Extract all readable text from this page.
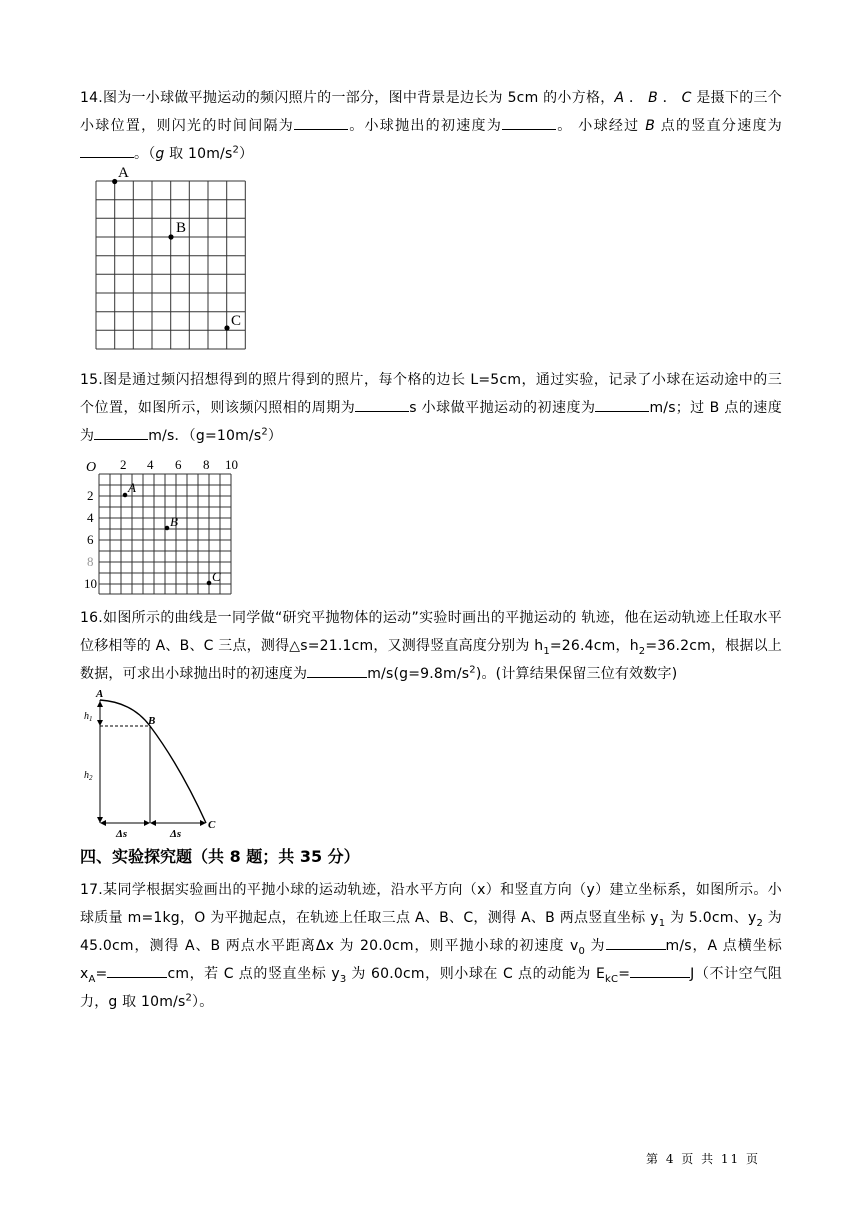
14.图为一小球做平抛运动的频闪照片的一部分，图中背景是边长为 5cm 的小方格，A ． B ． C 是摄下的三个小球位置，则闪光的时间间隔为	。小球抛出的初速度为	。 小球经过 B 点的竖直分速度为。（g 取 $10m/s^2$）

A
B
C

15.图是通过频闪招想得到的照片得到的照片，每个格的边长 L=5cm，通过实验，记录了小球在运动途中的三个位置，如图所示，则该频闪照相的周期为	s 小球做平抛运动的初速度为	m/s；过 B 点的速度为	m/s．$(g=10m/s^2)$

O 2 4 6 8 10
2
4
6
8
10
A
B
C

16.如图所示的曲线是一同学做“研究平抛物体的运动”实验时画出的平抛运动的 轨迹，他在运动轨迹上任取水平位移相等的 A、B、C 三点，测得△s=21.1cm，又测得竖直高度分别为 $h_1=26.4cm$，$h_2=36.2cm$，根据以上数据，可求出小球抛出时的初速度为	$m/s(g=9.8m/s^2)$。(计算结果保留三位有效数字)

A
B
C
$h_1$
$h_2$
Δs	Δs

四、实验探究题（共 8 题；共 35 分）

17.某同学根据实验画出的平抛小球的运动轨迹，沿水平方向（x）和竖直方向（y）建立坐标系，如图所示。小球质量 m=1kg，O 为平抛起点，在轨迹上任取三点 A、B、C，测得 A、B 两点竖直坐标 $y_1$ 为 5.0cm、$y_2$ 为 45.0cm，测得 A、B 两点水平距离Δx 为 20.0cm，则平抛小球的初速度 $v_0$ 为	m/s，A 点横坐标 $x_A=$	cm，若 C 点的竖直坐标 $y_3$ 为 60.0cm，则小球在 C 点的动能为 $E_{kC}=$	J（不计空气阻力，g 取 $10m/s^2$）。

第 4 页 共 11 页
